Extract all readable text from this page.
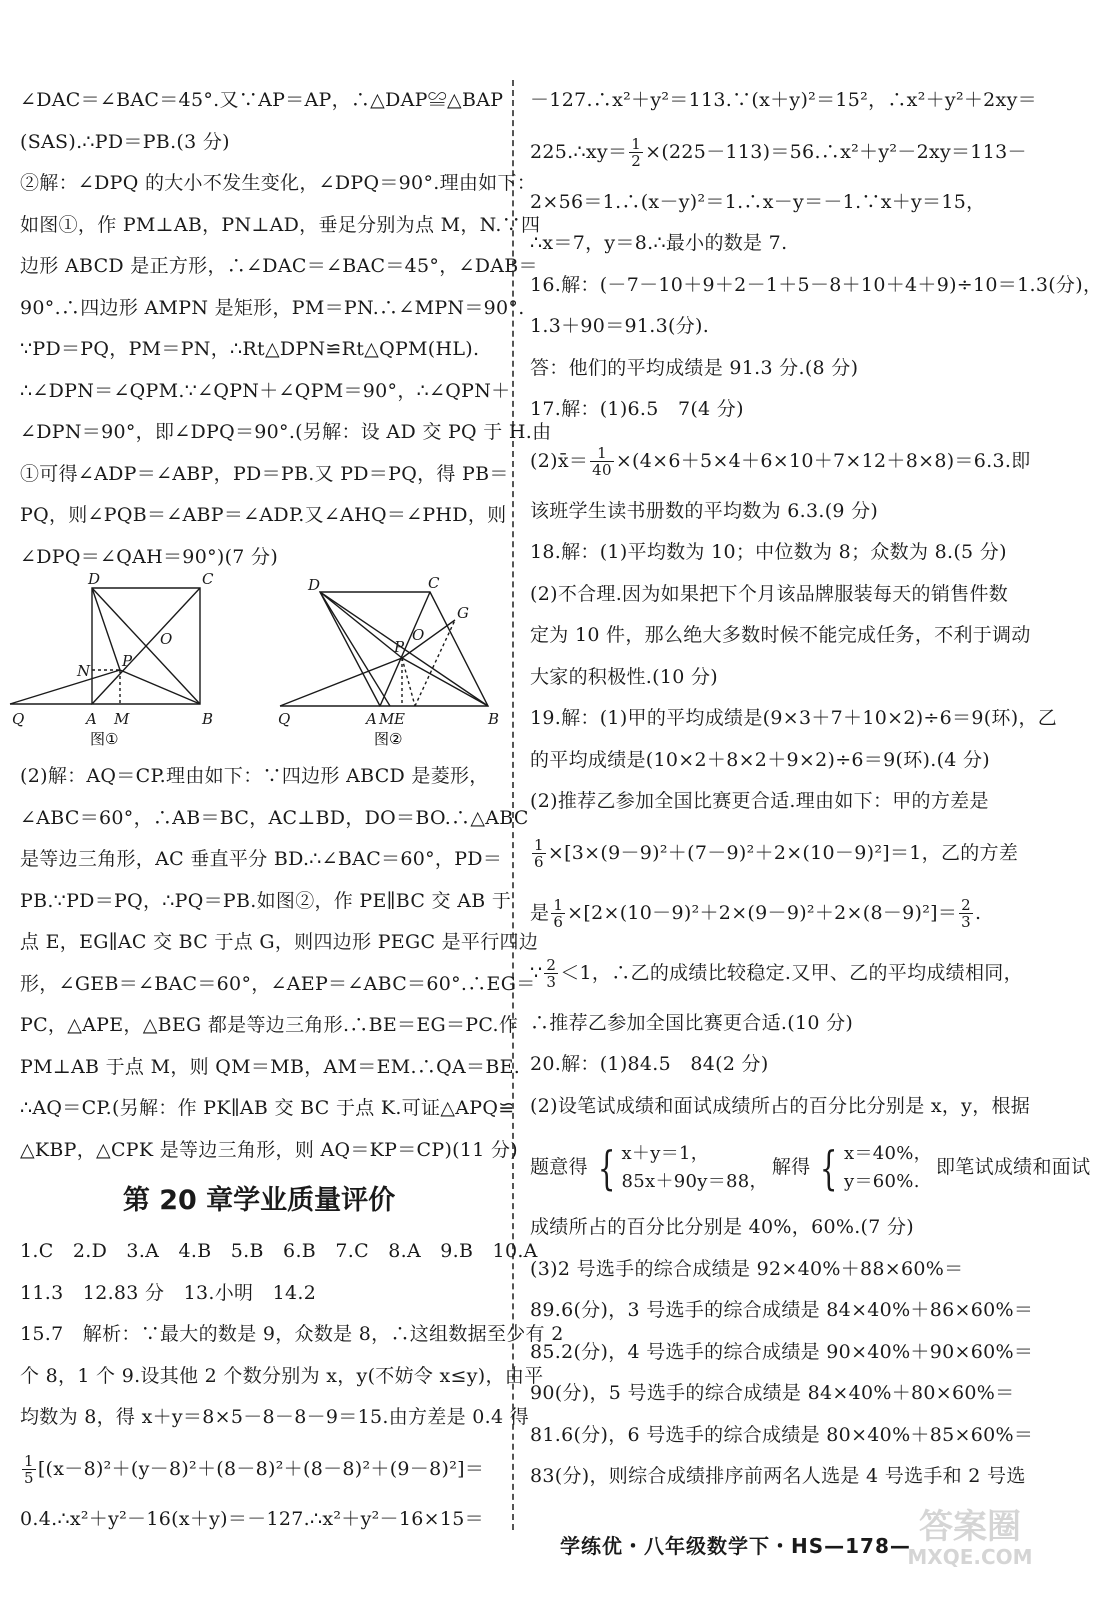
∠DAC＝∠BAC＝45°.又∵AP＝AP，∴△DAP≌△BAP
(SAS).∴PD＝PB.(3 分)
②解：∠DPQ 的大小不发生变化，∠DPQ＝90°.理由如下：
如图①，作 PM⊥AB，PN⊥AD，垂足分别为点 M，N.∵四
边形 ABCD 是正方形，∴∠DAC＝∠BAC＝45°，∠DAB＝
90°.∴四边形 AMPN 是矩形，PM＝PN.∴∠MPN＝90°.
∵PD＝PQ，PM＝PN，∴Rt△DPN≌Rt△QPM(HL).
∴∠DPN＝∠QPM.∵∠QPN＋∠QPM＝90°，∴∠QPN＋
∠DPN＝90°，即∠DPQ＝90°.(另解：设 AD 交 PQ 于 H.由
①可得∠ADP＝∠ABP，PD＝PB.又 PD＝PQ，得 PB＝
PQ，则∠PQB＝∠ABP＝∠ADP.又∠AHQ＝∠PHD，则
∠DPQ＝∠QAH＝90°)(7 分)
D	C
O
N
P
Q	A M	B
图①
D	C
G
O
P
Q	A M E	B
图②
(2)解：AQ＝CP.理由如下：∵四边形 ABCD 是菱形，
∠ABC＝60°，∴AB＝BC，AC⊥BD，DO＝BO.∴△ABC
是等边三角形，AC 垂直平分 BD.∴∠BAC＝60°，PD＝
PB.∵PD＝PQ，∴PQ＝PB.如图②，作 PE∥BC 交 AB 于
点 E，EG∥AC 交 BC 于点 G，则四边形 PEGC 是平行四边
形，∠GEB＝∠BAC＝60°，∠AEP＝∠ABC＝60°.∴EG＝
PC，△APE，△BEG 都是等边三角形.∴BE＝EG＝PC.作
PM⊥AB 于点 M，则 QM＝MB，AM＝EM.∴QA＝BE.
∴AQ＝CP.(另解：作 PK∥AB 交 BC 于点 K.可证△APQ≌
△KBP，△CPK 是等边三角形，则 AQ＝KP＝CP)(11 分)
第 20 章学业质量评价
1.C　2.D　3.A　4.B　5.B　6.B　7.C　8.A　9.B　10.A
11.3　12.83 分　13.小明　14.2
15.7　解析：∵最大的数是 9，众数是 8，∴这组数据至少有 2
个 8，1 个 9.设其他 2 个数分别为 x，y(不妨令 x≤y)，由平
均数为 8，得 x＋y＝8×5－8－8－9＝15.由方差是 0.4 得
$\frac{1}{5} [(x-8)^2+(y-8)^2+(8-8)^2+(8-8)^2+(9-8)^2]=$
0.4.∴x²＋y²－16(x＋y)＝－127.∴x²＋y²－16×15＝
－127.∴x²＋y²＝113.∵(x＋y)²＝15²，∴x²＋y²＋2xy＝
225.∴xy＝ $\frac{1}{2}$ ×(225－113)＝56.∴x²＋y²－2xy＝113－
2×56＝1.∴(x－y)²＝1.∴x－y＝－1.∵x＋y＝15，
∴x＝7，y＝8.∴最小的数是 7.
16.解：(－7－10＋9＋2－1＋5－8＋10＋4＋9)÷10＝1.3(分)，
1.3＋90＝91.3(分).
答：他们的平均成绩是 91.3 分.(8 分)
17.解：(1)6.5　7(4 分)
(2)x̄＝ $\frac{1}{40} \times(4\times 6+5\times 4+6\times 10+7\times 12+8\times 8)=6.3$.即
该班学生读书册数的平均数为 6.3.(9 分)
18.解：(1)平均数为 10；中位数为 8；众数为 8.(5 分)
(2)不合理.因为如果把下个月该品牌服装每天的销售件数
定为 10 件，那么绝大多数时候不能完成任务，不利于调动
大家的积极性.(10 分)
19.解：(1)甲的平均成绩是(9×3＋7＋10×2)÷6＝9(环)，乙
的平均成绩是(10×2＋8×2＋9×2)÷6＝9(环).(4 分)
(2)推荐乙参加全国比赛更合适.理由如下：甲的方差是
$\frac{1}{6} \times[3\times(9-9)^2+(7-9)^2+2\times(10-9)^2]=1$，乙的方差
是 $\frac{1}{6} \times[2\times(10-9)^2+2\times(9-9)^2+2\times(8-9)^2]= \frac{2}{3}$ .
∵ $\frac{2}{3} <1$，∴乙的成绩比较稳定.又甲、乙的平均成绩相同，
∴推荐乙参加全国比赛更合适.(10 分)
20.解：(1)84.5　84(2 分)
(2)设笔试成绩和面试成绩所占的百分比分别是 x，y，根据
题意得 { x＋y＝1，
85x＋90y＝88，
解得 { x＝40%，
y＝60%.
即笔试成绩和面试
成绩所占的百分比分别是 40%，60%.(7 分)
(3)2 号选手的综合成绩是 92×40%＋88×60%＝
89.6(分)，3 号选手的综合成绩是 84×40%＋86×60%＝
85.2(分)，4 号选手的综合成绩是 90×40%＋90×60%＝
90(分)，5 号选手的综合成绩是 84×40%＋80×60%＝
81.6(分)，6 号选手的综合成绩是 80×40%＋85×60%＝
83(分)，则综合成绩排序前两名人选是 4 号选手和 2 号选
学练优・八年级数学下・HS—178— 答案圈
MXQE.COM
